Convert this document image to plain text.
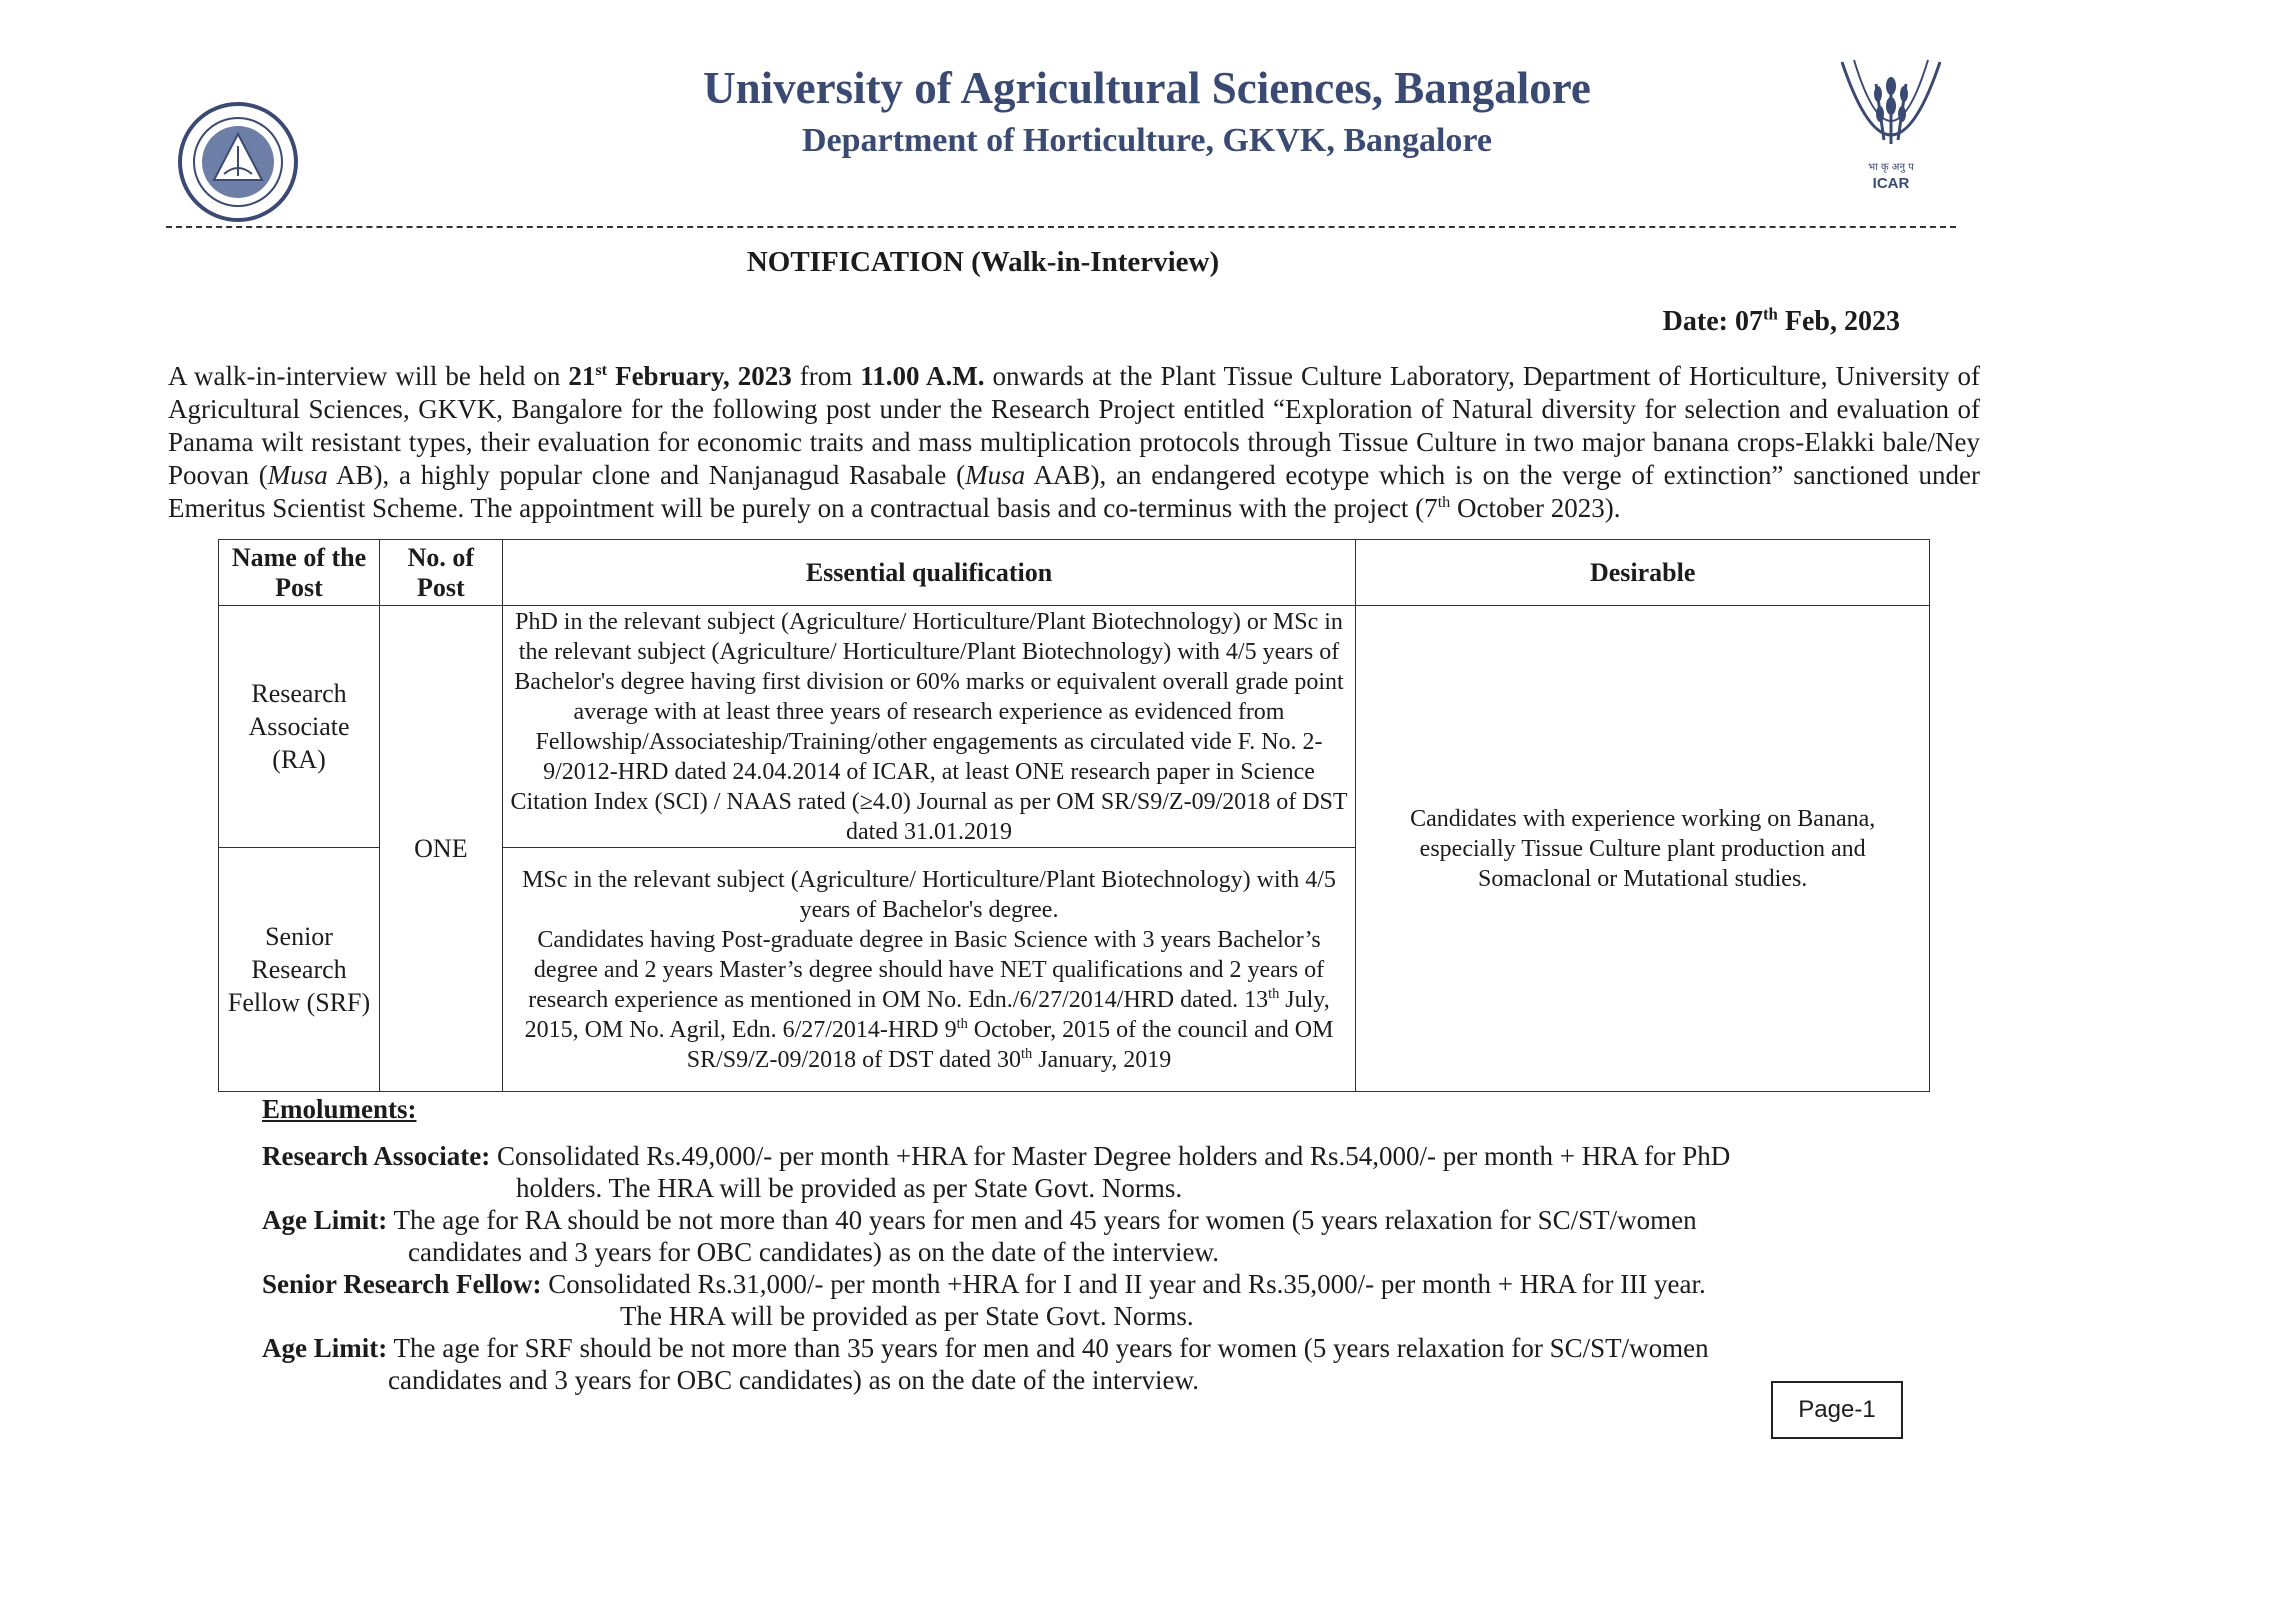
University of Agricultural Sciences, Bangalore
Department of Horticulture, GKVK, Bangalore
भा कृ अनु प
ICAR
NOTIFICATION (Walk-in-Interview)
Date: 07th Feb, 2023

A walk-in-interview will be held on 21st February, 2023 from 11.00 A.M. onwards at the Plant Tissue Culture Laboratory, Department of Horticulture, University of Agricultural Sciences, GKVK, Bangalore for the following post under the Research Project entitled “Exploration of Natural diversity for selection and evaluation of Panama wilt resistant types, their evaluation for economic traits and mass multiplication protocols through Tissue Culture in two major banana crops-Elakki bale/Ney Poovan (Musa AB), a highly popular clone and Nanjanagud Rasabale (Musa AAB), an endangered ecotype which is on the verge of extinction” sanctioned under Emeritus Scientist Scheme. The appointment will be purely on a contractual basis and co-terminus with the project (7th October 2023).

Name of the Post	No. of Post	Essential qualification	Desirable
Research Associate (RA)	ONE	PhD in the relevant subject (Agriculture/ Horticulture/Plant Biotechnology) or MSc in the relevant subject (Agriculture/ Horticulture/Plant Biotechnology) with 4/5 years of Bachelor's degree having first division or 60% marks or equivalent overall grade point average with at least three years of research experience as evidenced from Fellowship/Associateship/Training/other engagements as circulated vide F. No. 2-9/2012-HRD dated 24.04.2014 of ICAR, at least ONE research paper in Science Citation Index (SCI) / NAAS rated (≥4.0) Journal as per OM SR/S9/Z-09/2018 of DST dated 31.01.2019	Candidates with experience working on Banana, especially Tissue Culture plant production and Somaclonal or Mutational studies.
Senior Research Fellow (SRF)		MSc in the relevant subject (Agriculture/ Horticulture/Plant Biotechnology) with 4/5 years of Bachelor's degree.
Candidates having Post-graduate degree in Basic Science with 3 years Bachelor’s degree and 2 years Master’s degree should have NET qualifications and 2 years of research experience as mentioned in OM No. Edn./6/27/2014/HRD dated. 13th July, 2015, OM No. Agril, Edn. 6/27/2014-HRD 9th October, 2015 of the council and OM SR/S9/Z-09/2018 of DST dated 30th January, 2019	
Emoluments:
Research Associate: Consolidated Rs.49,000/- per month +HRA for Master Degree holders and Rs.54,000/- per month + HRA for PhD
holders. The HRA will be provided as per State Govt. Norms.
Age Limit: The age for RA should be not more than 40 years for men and 45 years for women (5 years relaxation for SC/ST/women
candidates and 3 years for OBC candidates) as on the date of the interview.
Senior Research Fellow: Consolidated Rs.31,000/- per month +HRA for I and II year and Rs.35,000/- per month + HRA for III year.
The HRA will be provided as per State Govt. Norms.
Age Limit: The age for SRF should be not more than 35 years for men and 40 years for women (5 years relaxation for SC/ST/women
candidates and 3 years for OBC candidates) as on the date of the interview.
Page-1
